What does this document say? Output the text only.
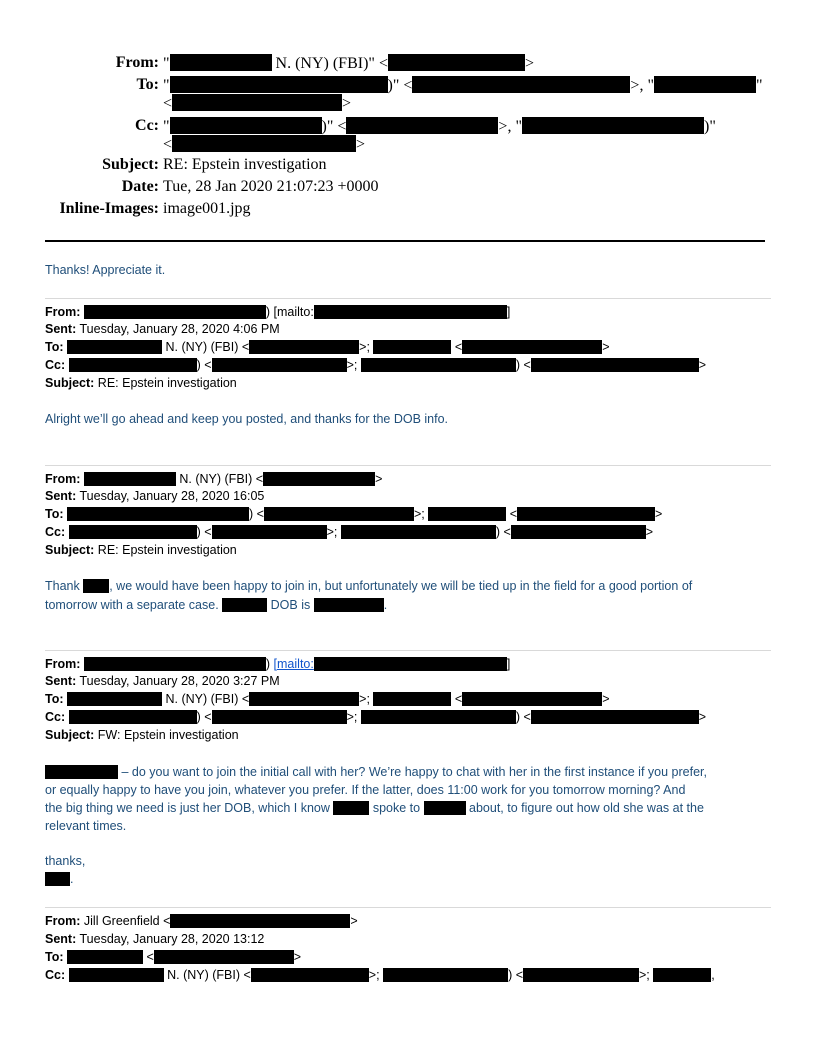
From: "	N. (NY) (FBI)" <	>
To: "	)" <	>, "	"
<	>
Cc: "	)" <	>, "	)"
<	>
Subject: RE: Epstein investigation
Date: Tue, 28 Jan 2020 21:07:23 +0000
Inline-Images: image001.jpg
Thanks! Appreciate it.
From:	) [mailto:	]
Sent: Tuesday, January 28, 2020 4:06 PM
To:	N. (NY) (FBI) <	>;	<	>
Cc:	) <	>;	) <	>
Subject: RE: Epstein investigation
Alright we’ll go ahead and keep you posted, and thanks for the DOB info.
From:	N. (NY) (FBI) <	>
Sent: Tuesday, January 28, 2020 16:05
To:	) <	>;	<	>
Cc:	) <	>;	) <	>
Subject: RE: Epstein investigation
Thank , we would have been happy to join in, but unfortunately we will be tied up in the field for a good portion of
tomorrow with a separate case.	DOB is	.
From:	) [mailto:	]
Sent: Tuesday, January 28, 2020 3:27 PM
To:	N. (NY) (FBI) <	>;	<	>
Cc:	) <	>;	) <	>
Subject: FW: Epstein investigation
– do you want to join the initial call with her? We’re happy to chat with her in the first instance if you prefer,
or equally happy to have you join, whatever you prefer. If the latter, does 11:00 work for you tomorrow morning? And
the big thing we need is just her DOB, which I know	spoke to	about, to figure out how old she was at the
relevant times.
thanks,
.
From: Jill Greenfield <	>
Sent: Tuesday, January 28, 2020 13:12
To:	<	>
Cc:	N. (NY) (FBI) <	>;	) <	>;	,
